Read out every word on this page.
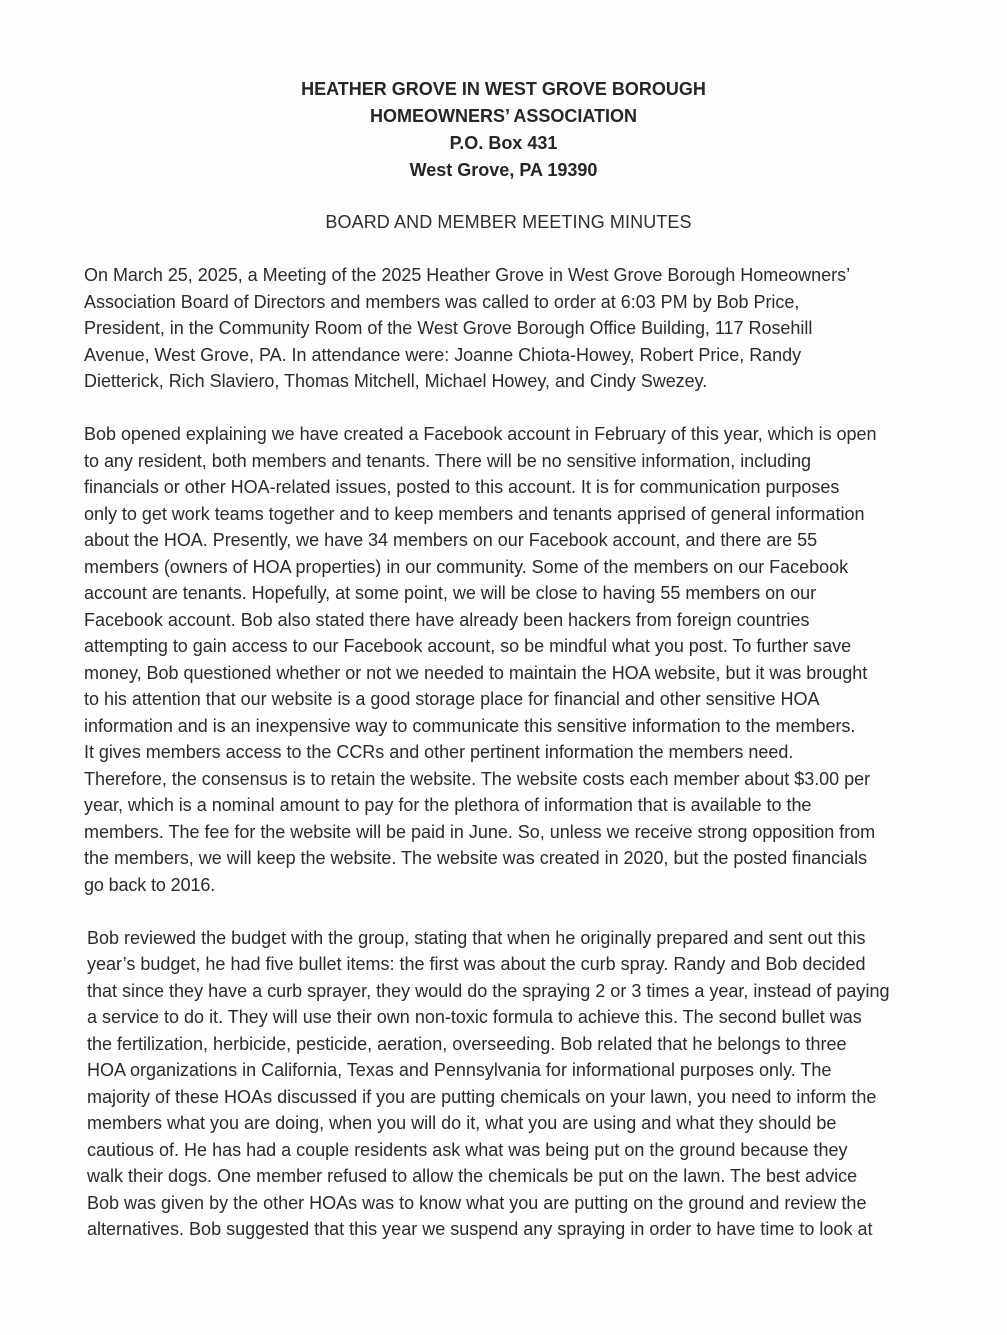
HEATHER GROVE IN WEST GROVE BOROUGH
HOMEOWNERS’ ASSOCIATION
P.O. Box 431
West Grove, PA 19390
BOARD AND MEMBER MEETING MINUTES
On March 25, 2025, a Meeting of the 2025 Heather Grove in West Grove Borough Homeowners’
Association Board of Directors and members was called to order at 6:03 PM by Bob Price,
President, in the Community Room of the West Grove Borough Office Building, 117 Rosehill
Avenue, West Grove, PA. In attendance were: Joanne Chiota-Howey, Robert Price, Randy
Dietterick, Rich Slaviero, Thomas Mitchell, Michael Howey, and Cindy Swezey.
Bob opened explaining we have created a Facebook account in February of this year, which is open
to any resident, both members and tenants. There will be no sensitive information, including
financials or other HOA-related issues, posted to this account. It is for communication purposes
only to get work teams together and to keep members and tenants apprised of general information
about the HOA. Presently, we have 34 members on our Facebook account, and there are 55
members (owners of HOA properties) in our community. Some of the members on our Facebook
account are tenants. Hopefully, at some point, we will be close to having 55 members on our
Facebook account. Bob also stated there have already been hackers from foreign countries
attempting to gain access to our Facebook account, so be mindful what you post. To further save
money, Bob questioned whether or not we needed to maintain the HOA website, but it was brought
to his attention that our website is a good storage place for financial and other sensitive HOA
information and is an inexpensive way to communicate this sensitive information to the members.
It gives members access to the CCRs and other pertinent information the members need.
Therefore, the consensus is to retain the website. The website costs each member about $3.00 per
year, which is a nominal amount to pay for the plethora of information that is available to the
members. The fee for the website will be paid in June. So, unless we receive strong opposition from
the members, we will keep the website. The website was created in 2020, but the posted financials
go back to 2016.
Bob reviewed the budget with the group, stating that when he originally prepared and sent out this
year’s budget, he had five bullet items: the first was about the curb spray. Randy and Bob decided
that since they have a curb sprayer, they would do the spraying 2 or 3 times a year, instead of paying
a service to do it. They will use their own non-toxic formula to achieve this. The second bullet was
the fertilization, herbicide, pesticide, aeration, overseeding. Bob related that he belongs to three
HOA organizations in California, Texas and Pennsylvania for informational purposes only. The
majority of these HOAs discussed if you are putting chemicals on your lawn, you need to inform the
members what you are doing, when you will do it, what you are using and what they should be
cautious of. He has had a couple residents ask what was being put on the ground because they
walk their dogs. One member refused to allow the chemicals be put on the lawn. The best advice
Bob was given by the other HOAs was to know what you are putting on the ground and review the
alternatives. Bob suggested that this year we suspend any spraying in order to have time to look at
